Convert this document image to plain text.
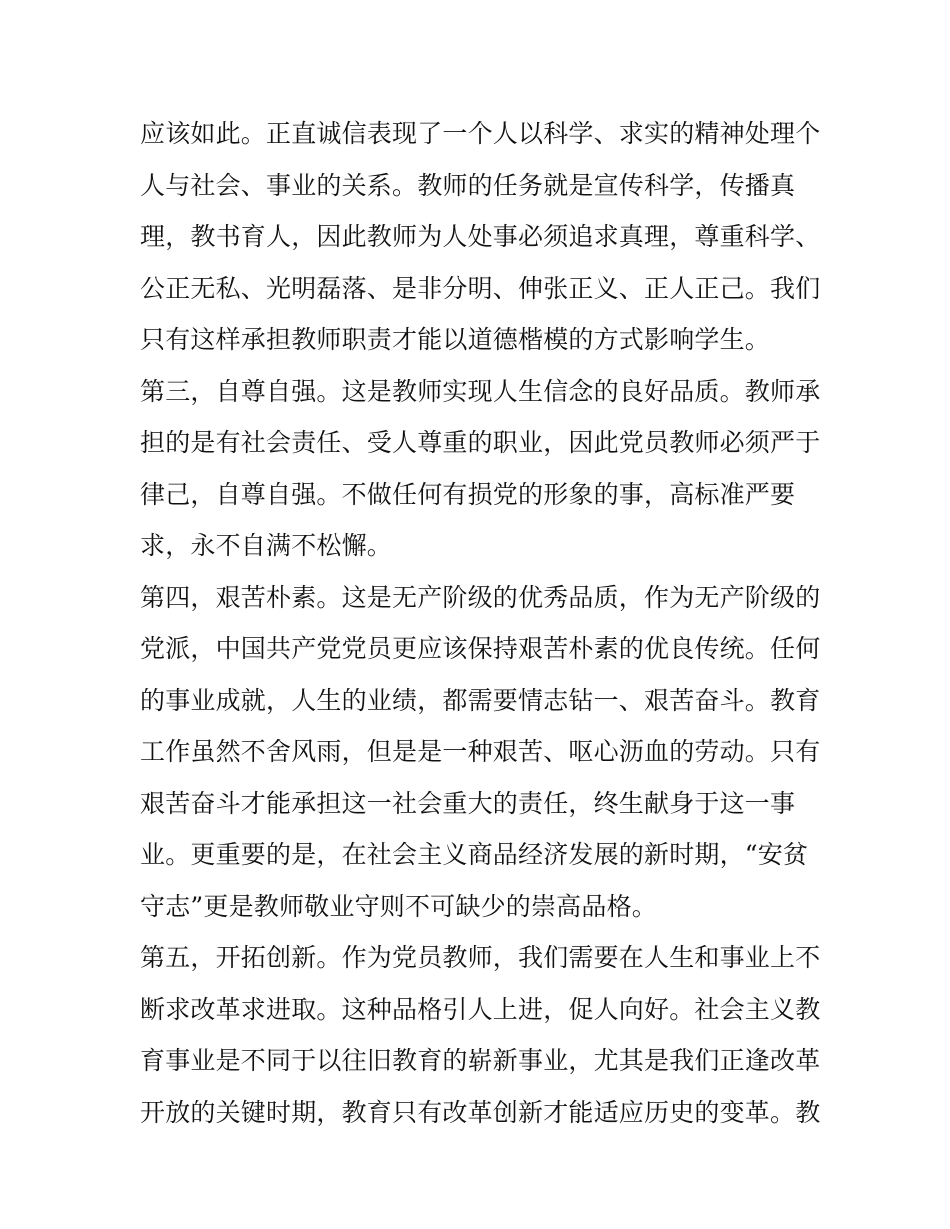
应该如此。正直诚信表现了一个人以科学、求实的精神处理个
人与社会、事业的关系。教师的任务就是宣传科学，传播真
理，教书育人，因此教师为人处事必须追求真理，尊重科学、
公正无私、光明磊落、是非分明、伸张正义、正人正己。我们
只有这样承担教师职责才能以道德楷模的方式影响学生。
第三，自尊自强。这是教师实现人生信念的良好品质。教师承
担的是有社会责任、受人尊重的职业，因此党员教师必须严于
律己，自尊自强。不做任何有损党的形象的事，高标准严要
求，永不自满不松懈。
第四，艰苦朴素。这是无产阶级的优秀品质，作为无产阶级的
党派，中国共产党党员更应该保持艰苦朴素的优良传统。任何
的事业成就，人生的业绩，都需要情志钻一、艰苦奋斗。教育
工作虽然不舍风雨，但是是一种艰苦、呕心沥血的劳动。只有
艰苦奋斗才能承担这一社会重大的责任，终生献身于这一事
业。更重要的是，在社会主义商品经济发展的新时期，“安贫
守志”更是教师敬业守则不可缺少的崇高品格。
第五，开拓创新。作为党员教师，我们需要在人生和事业上不
断求改革求进取。这种品格引人上进，促人向好。社会主义教
育事业是不同于以往旧教育的崭新事业，尤其是我们正逢改革
开放的关键时期，教育只有改革创新才能适应历史的变革。教
